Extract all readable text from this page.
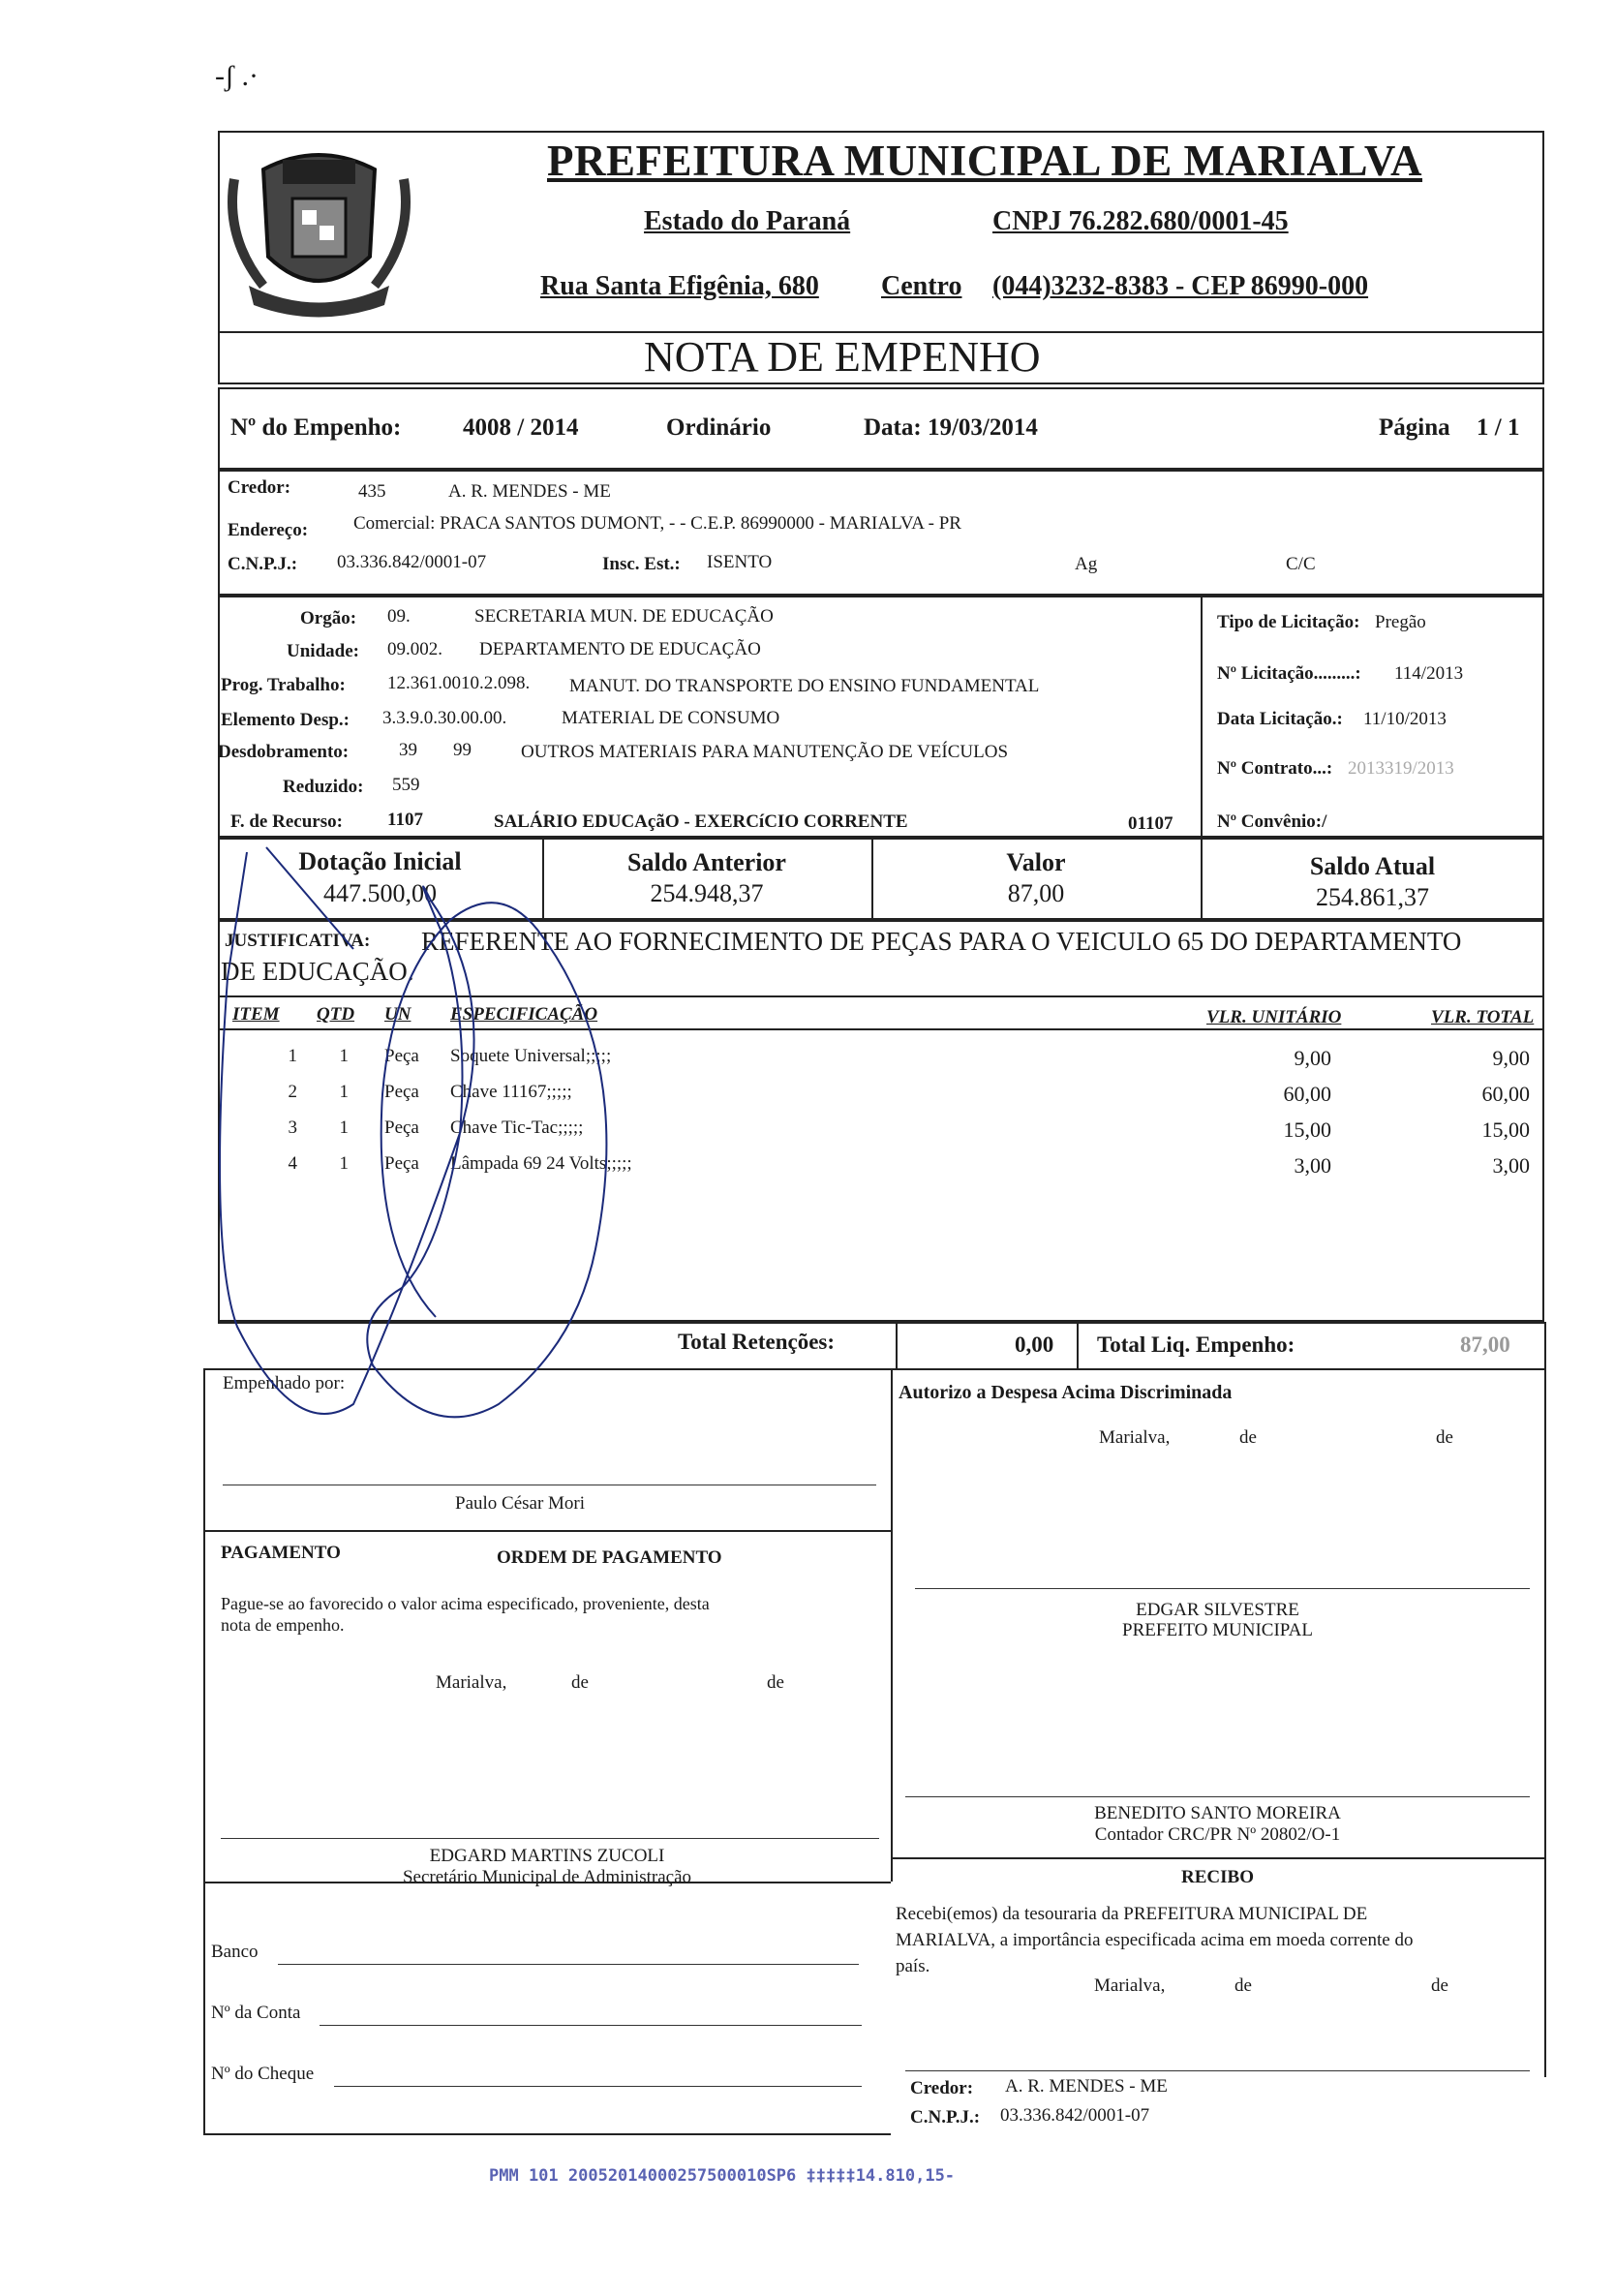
-ʃ .·
PREFEITURA MUNICIPAL DE MARIALVA
Estado do Paraná	CNPJ 76.282.680/0001-45
Rua Santa Efigênia, 680 Centro (044)3232-8383 - CEP 86990-000
NOTA DE EMPENHO
Nº do Empenho:	4008 / 2014	Ordinário	Data: 19/03/2014	Página 1 / 1
Credor:	435	A. R. MENDES - ME
Endereço: Comercial: PRACA SANTOS DUMONT, - - C.E.P. 86990000 - MARIALVA - PR
C.N.P.J.: 03.336.842/0001-07	Insc. Est.: ISENTO	Ag	C/C
Orgão: 09.	SECRETARIA MUN. DE EDUCAÇÃO
Unidade: 09.002. DEPARTAMENTO DE EDUCAÇÃO
Prog. Trabalho: 12.361.0010.2.098. MANUT. DO TRANSPORTE DO ENSINO FUNDAMENTAL
Elemento Desp.: 3.3.9.0.30.00.00.	MATERIAL DE CONSUMO
Desdobramento:	39 99	OUTROS MATERIAIS PARA MANUTENÇÃO DE VEÍCULOS
Reduzido: 559
F. de Recurso: 1107	SALÁRIO EDUCAçãO - EXERCíCIO CORRENTE	01107
Tipo de Licitação: Pregão
Nº Licitação.........: 114/2013
Data Licitação.: 11/10/2013
Nº Contrato...: 2013319/2013
Nº Convênio:/
Dotação Inicial
447.500,00
Saldo Anterior
254.948,37
Valor
87,00
Saldo Atual
254.861,37
JUSTIFICATIVA: REFERENTE AO FORNECIMENTO DE PEÇAS PARA O VEICULO 65 DO DEPARTAMENTO
DE EDUCAÇÃO.
ITEM QTD UN ESPECIFICAÇÃO	VLR. UNITÁRIO	VLR. TOTAL
1	1 Peça	Soquete Universal;;;;;	9,00	9,00
2	1 Peça	Chave 11167;;;;;	60,00	60,00
3	1 Peça	Chave Tic-Tac;;;;;	15,00	15,00
4	1 Peça	Lâmpada 69 24 Volts;;;;;	3,00	3,00
Total Retenções:	0,00 Total Liq. Empenho:	87,00
Empenhado por:	Autorizo a Despesa Acima Discriminada
Marialva,	de	de
Paulo César Mori
PAGAMENTO	ORDEM DE PAGAMENTO
Pague-se ao favorecido o valor acima especificado, proveniente, desta
nota de empenho.
Marialva,	de	de
EDGAR SILVESTRE
PREFEITO MUNICIPAL
BENEDITO SANTO MOREIRA
Contador CRC/PR Nº 20802/O-1
EDGARD MARTINS ZUCOLI
Secretário Municipal de Administração	RECIBO
Recebi(emos) da tesouraria da PREFEITURA MUNICIPAL DE
MARIALVA, a importância especificada acima em moeda corrente do
país.
Marialva,	de	de
Banco
Nº da Conta
Nº do Cheque
Credor: A. R. MENDES - ME
C.N.P.J.: 03.336.842/0001-07
PMM 101 20052014000257500010SP6 ‡‡‡‡‡14.810,15-
